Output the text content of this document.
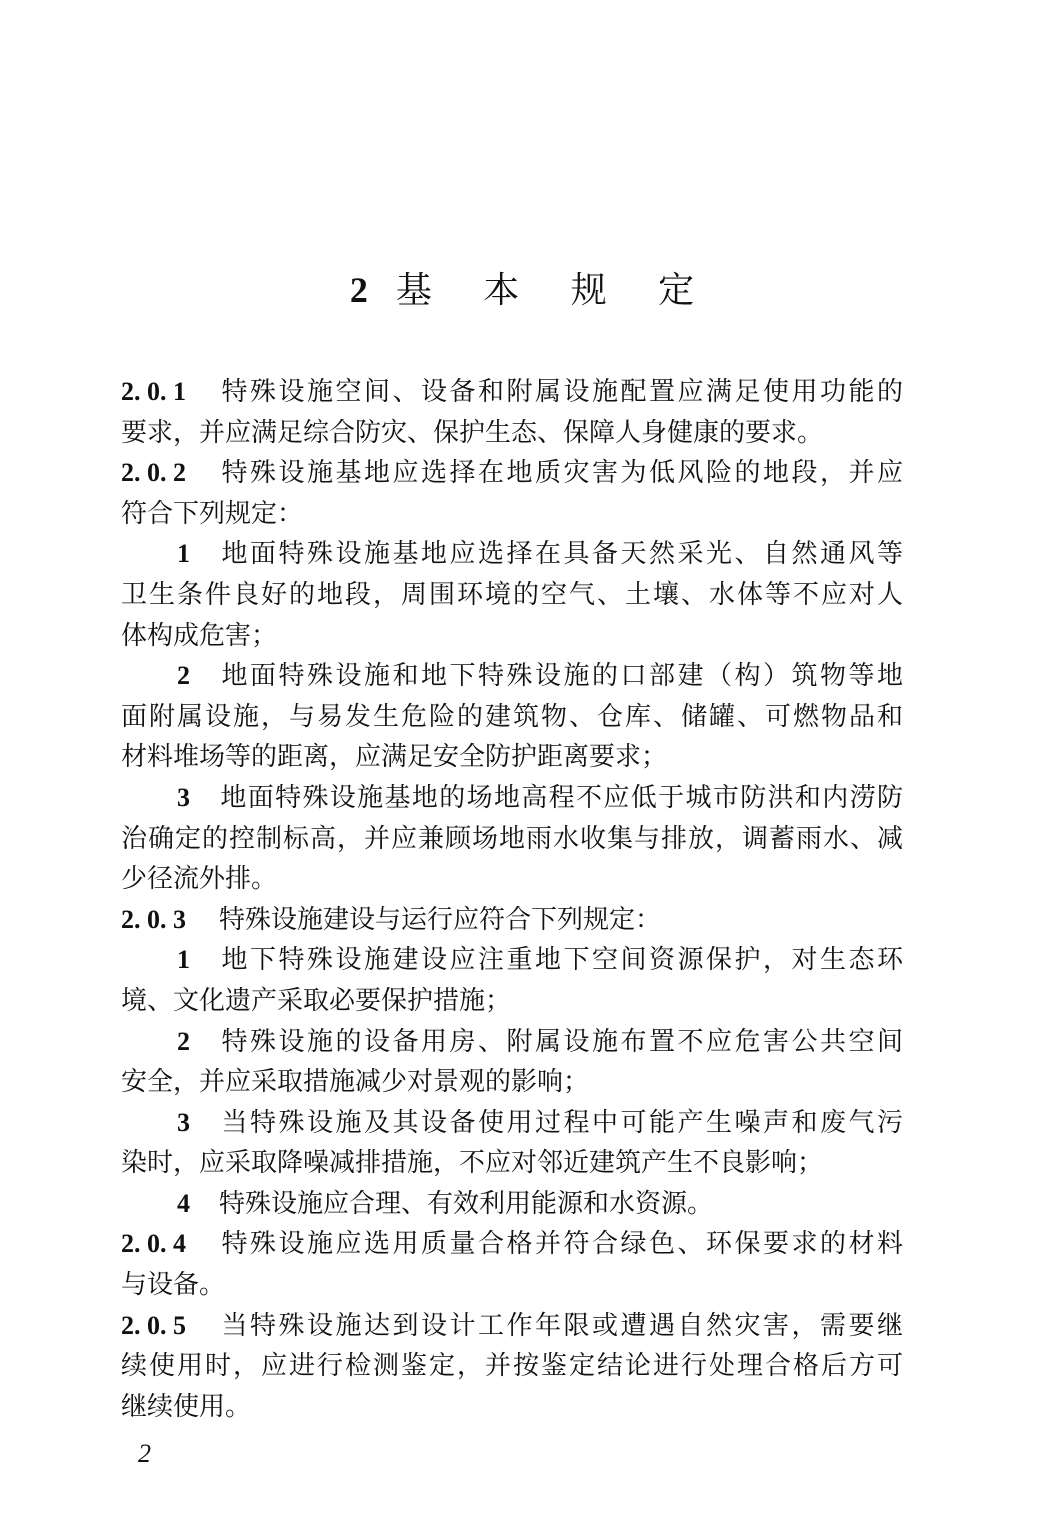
2 基 本 规 定
2. 0. 1 特殊设施空间、设备和附属设施配置应满足使用功能的
要求，并应满足综合防灾、保护生态、保障人身健康的要求。
2. 0. 2 特殊设施基地应选择在地质灾害为低风险的地段，并应
符合下列规定：
1 地面特殊设施基地应选择在具备天然采光、自然通风等
卫生条件良好的地段，周围环境的空气、土壤、水体等不应对人
体构成危害；
2 地面特殊设施和地下特殊设施的口部建（构）筑物等地
面附属设施，与易发生危险的建筑物、仓库、储罐、可燃物品和
材料堆场等的距离，应满足安全防护距离要求；
3 地面特殊设施基地的场地高程不应低于城市防洪和内涝防
治确定的控制标高，并应兼顾场地雨水收集与排放，调蓄雨水、减
少径流外排。
2. 0. 3 特殊设施建设与运行应符合下列规定：
1 地下特殊设施建设应注重地下空间资源保护，对生态环
境、文化遗产采取必要保护措施；
2 特殊设施的设备用房、附属设施布置不应危害公共空间
安全，并应采取措施减少对景观的影响；
3 当特殊设施及其设备使用过程中可能产生噪声和废气污
染时，应采取降噪减排措施，不应对邻近建筑产生不良影响；
4 特殊设施应合理、有效利用能源和水资源。
2. 0. 4 特殊设施应选用质量合格并符合绿色、环保要求的材料
与设备。
2. 0. 5 当特殊设施达到设计工作年限或遭遇自然灾害，需要继
续使用时，应进行检测鉴定，并按鉴定结论进行处理合格后方可
继续使用。
2
